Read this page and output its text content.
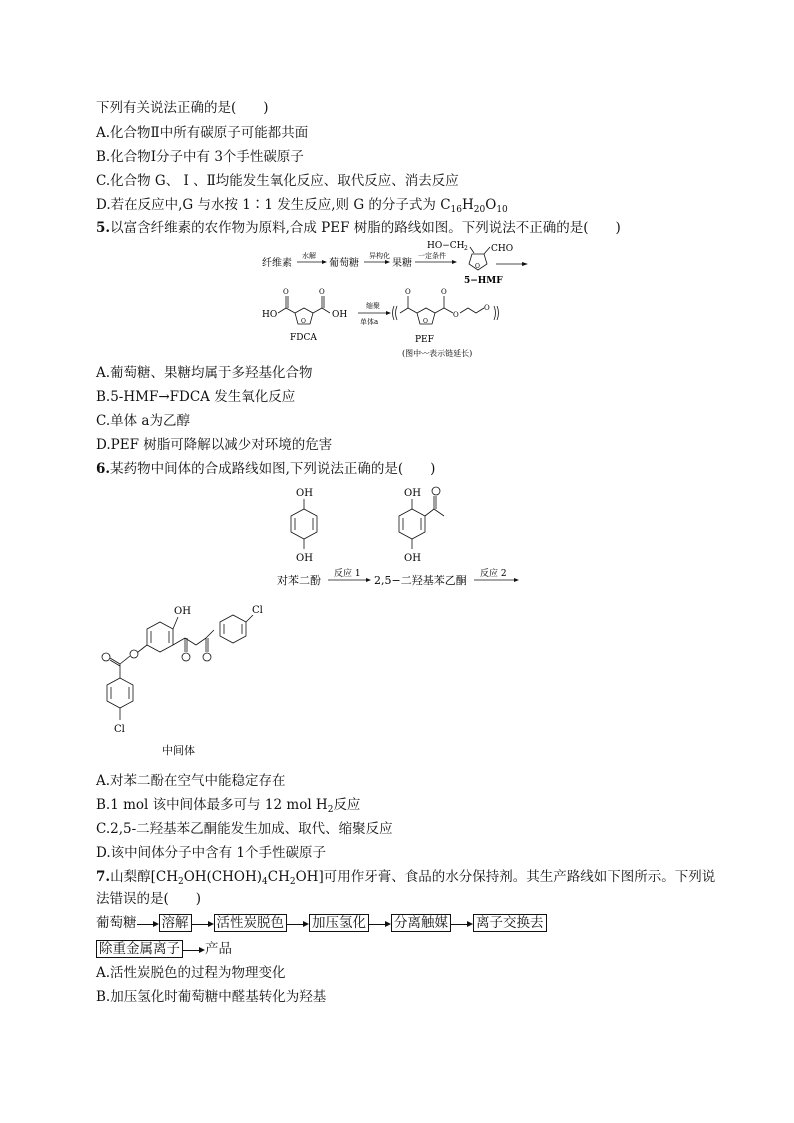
下列有关说法正确的是(　　)
A.化合物Ⅱ中所有碳原子可能都共面
B.化合物Ⅰ分子中有 3个手性碳原子
C.化合物 G、 Ⅰ 、Ⅱ均能发生氧化反应、取代反应、消去反应
D.若在反应中,G 与水按 1∶1 发生反应,则 G 的分子式为 $C_{16}H_{20}O_{10}$
5.以富含纤维素的农作物为原料,合成 PEF 树脂的路线如图。下列说法不正确的是(　　)
纤维素
水解
葡萄糖
异构化
果糖
一定条件
HO−CH 2
O
CHO
5−HMF
HO
O
O
O
OH
FDCA
缩聚
单体a
O
O
O
O
O
PEF
(图中〰表示链延长)
A.葡萄糖、果糖均属于多羟基化合物
B.5-HMF→FDCA 发生氧化反应
C.单体 a为乙醇
D.PEF 树脂可降解以减少对环境的危害
6.某药物中间体的合成路线如图,下列说法正确的是(　　)
OH
OH
对苯二酚 反应 1
OH
OH
2,5−二羟基苯乙酮 反应 2
OH	Cl
Cl
中间体
A.对苯二酚在空气中能稳定存在
B.1 mol 该中间体最多可与 12 mol $H_2$反应
C.2,5-二羟基苯乙酮能发生加成、取代、缩聚反应
D.该中间体分子中含有 1个手性碳原子
7.山梨醇$[CH_2OH(CHOH)_4CH_2OH]$可用作牙膏、食品的水分保持剂。其生产路线如下图所示。下列说
法错误的是(　　)
葡萄糖 溶解 活性炭脱色 加压氢化 分离触媒 离子交换去
除重金属离子 产品
A.活性炭脱色的过程为物理变化
B.加压氢化时葡萄糖中醛基转化为羟基
